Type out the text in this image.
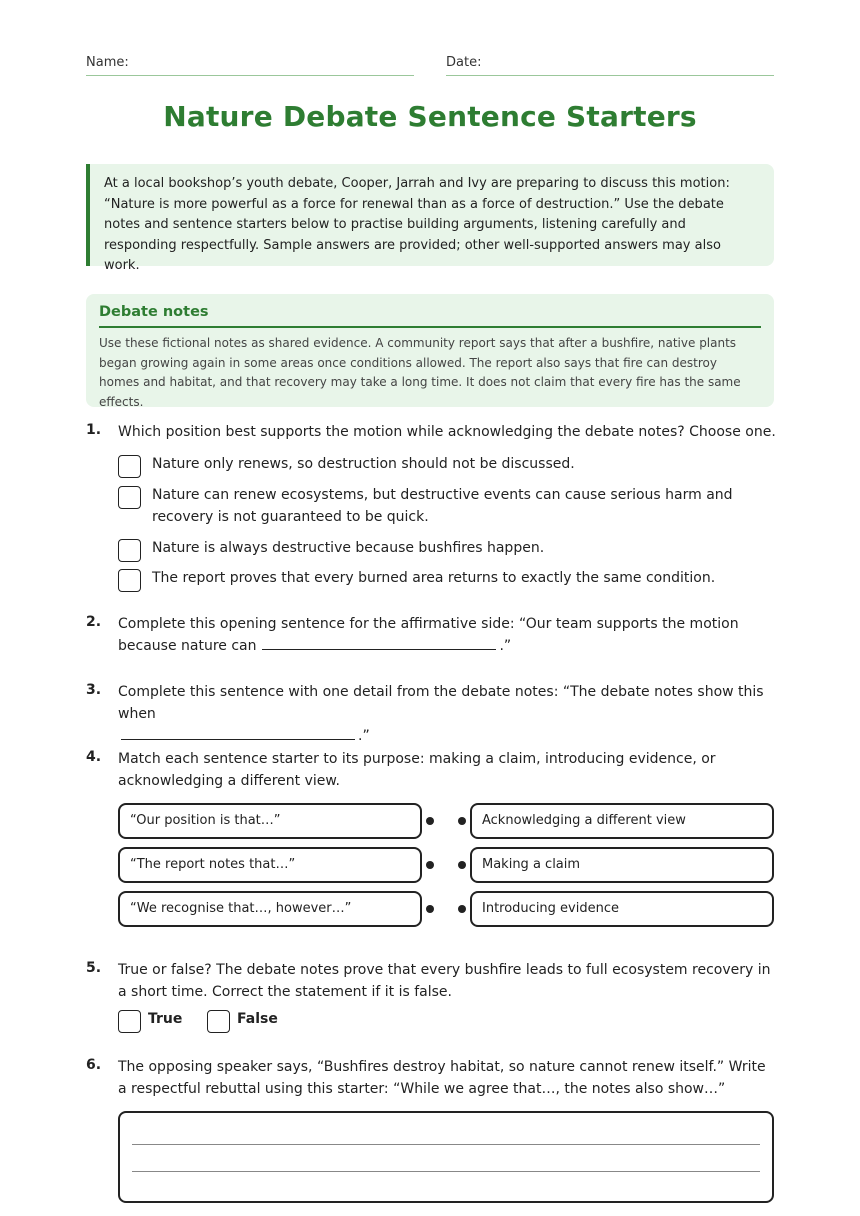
Name:	Date:
Nature Debate Sentence Starters
At a local bookshop’s youth debate, Cooper, Jarrah and Ivy are preparing to discuss this motion: “Nature is more powerful as a force for renewal than as a force of destruction.” Use the debate notes and sentence starters below to practise building arguments, listening carefully and responding respectfully. Sample answers are provided; other well-supported answers may also work.
Debate notes
Use these fictional notes as shared evidence. A community report says that after a bushfire, native plants began growing again in some areas once conditions allowed. The report also says that fire can destroy homes and habitat, and that recovery may take a long time. It does not claim that every fire has the same effects.
1. Which position best supports the motion while acknowledging the debate notes? Choose one.
Nature only renews, so destruction should not be discussed.
Nature can renew ecosystems, but destructive events can cause serious harm and recovery is not guaranteed to be quick.
Nature is always destructive because bushfires happen.
The report proves that every burned area returns to exactly the same condition.
2. Complete this opening sentence for the affirmative side: “Our team supports the motion because nature can	.”
3. Complete this sentence with one detail from the debate notes: “The debate notes show this when
.”
4. Match each sentence starter to its purpose: making a claim, introducing evidence, or acknowledging a different view.
“Our position is that…”
“The report notes that…”
“We recognise that…, however…”
Acknowledging a different view
Making a claim
Introducing evidence
5. True or false? The debate notes prove that every bushfire leads to full ecosystem recovery in a short time. Correct the statement if it is false.
True	False
6. The opposing speaker says, “Bushfires destroy habitat, so nature cannot renew itself.” Write a respectful rebuttal using this starter: “While we agree that…, the notes also show…”
